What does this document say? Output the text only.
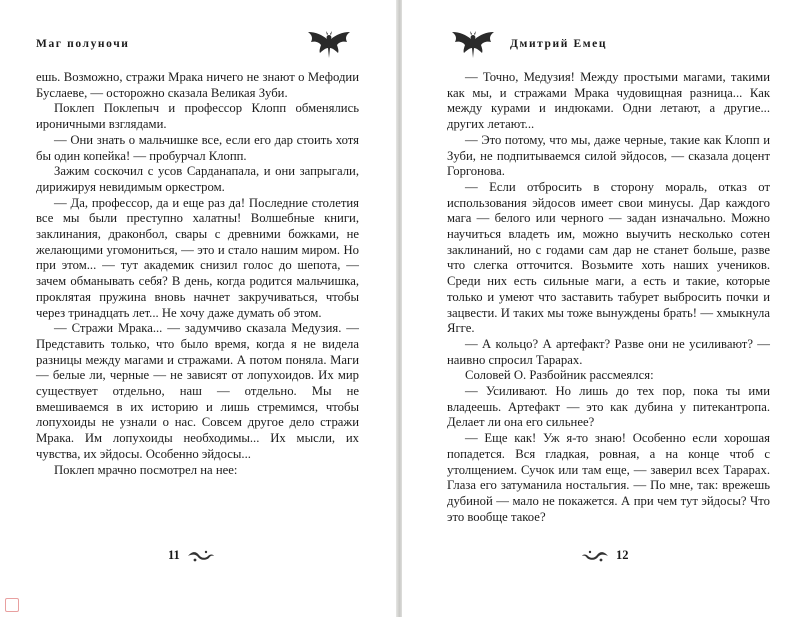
Маг полуночи

ешь. Возможно, стражи Мрака ничего не знают о Мефодии Буслаеве, — осторожно сказала Великая Зуби.

Поклеп Поклепыч и профессор Клопп обменялись ироничными взглядами.

— Они знать о мальчишке все, если его дар стоить хотя бы один копейка! — пробурчал Клопп.

Зажим соскочил с усов Сарданапала, и они запрыгали, дирижируя невидимым оркестром.

— Да, профессор, да и еще раз да! Последние столетия все мы были преступно халатны! Волшебные книги, заклинания, драконбол, свары с древними божками, не желающими угомониться, — это и стало нашим миром. Но при этом... — тут академик снизил голос до шепота, — зачем обманывать себя? В день, когда родится мальчишка, проклятая пружина вновь начнет закручиваться, чтобы через тринадцать лет... Не хочу даже думать об этом.

— Стражи Мрака... — задумчиво сказала Медузия. — Представить только, что было время, когда я не видела разницы между магами и стражами. А потом поняла. Маги — белые ли, черные — не зависят от лопухоидов. Их мир существует отдельно, наш — отдельно. Мы не вмешиваемся в их историю и лишь стремимся, чтобы лопухоиды не узнали о нас. Совсем другое дело стражи Мрака. Им лопухоиды необходимы... Их мысли, их чувства, их эйдосы. Особенно эйдосы...

Поклеп мрачно посмотрел на нее:

11
Дмитрий Емец

— Точно, Медузия! Между простыми магами, такими как мы, и стражами Мрака чудовищная разница... Как между курами и индюками. Одни летают, а другие... других летают...

— Это потому, что мы, даже черные, такие как Клопп и Зуби, не подпитываемся силой эйдосов, — сказала доцент Горгонова.

— Если отбросить в сторону мораль, отказ от использования эйдосов имеет свои минусы. Дар каждого мага — белого или черного — задан изначально. Можно научиться владеть им, можно выучить несколько сотен заклинаний, но с годами сам дар не станет больше, разве что слегка отточится. Возьмите хоть наших учеников. Среди них есть сильные маги, а есть и такие, которые только и умеют что заставить табурет выбросить почки и зацвести. И таких мы тоже вынуждены брать! — хмыкнула Ягге.

— А кольцо? А артефакт? Разве они не усиливают? — наивно спросил Тарарах.

Соловей О. Разбойник рассмеялся:

— Усиливают. Но лишь до тех пор, пока ты ими владеешь. Артефакт — это как дубина у питекантропа. Делает ли она его сильнее?

— Еще как! Уж я-то знаю! Особенно если хорошая попадется. Вся гладкая, ровная, а на конце чтоб с утолщением. Сучок или там еще, — заверил всех Тарарах. Глаза его затуманила ностальгия. — По мне, так: врежешь дубиной — мало не покажется. А при чем тут эйдосы? Что это вообще такое?

12
